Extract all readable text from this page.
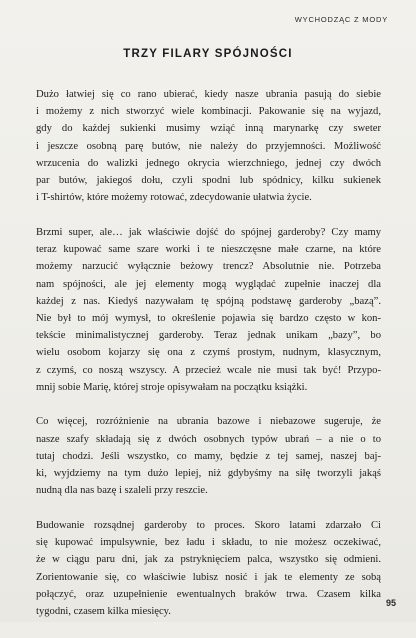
WYCHODZĄC Z MODY
TRZY FILARY SPÓJNOŚCI

Dużo łatwiej się co rano ubierać, kiedy nasze ubrania pasują do siebie
i możemy z nich stworzyć wiele kombinacji. Pakowanie się na wyjazd,
gdy do każdej sukienki musimy wziąć inną marynarkę czy sweter
i jeszcze osobną parę butów, nie należy do przyjemności. Możliwość
wrzucenia do walizki jednego okrycia wierzchniego, jednej czy dwóch
par butów, jakiegoś dołu, czyli spodni lub spódnicy, kilku sukienek
i T-shirtów, które możemy rotować, zdecydowanie ułatwia życie.

Brzmi super, ale… jak właściwie dojść do spójnej garderoby? Czy mamy
teraz kupować same szare worki i te nieszczęsne małe czarne, na które
możemy narzucić wyłącznie beżowy trencz? Absolutnie nie. Potrzeba
nam spójności, ale jej elementy mogą wyglądać zupełnie inaczej dla
każdej z nas. Kiedyś nazywałam tę spójną podstawę garderoby „bazą”.
Nie był to mój wymysł, to określenie pojawia się bardzo często w kon-
tekście minimalistycznej garderoby. Teraz jednak unikam „bazy”, bo
wielu osobom kojarzy się ona z czymś prostym, nudnym, klasycznym,
z czymś, co noszą wszyscy. A przecież wcale nie musi tak być! Przypo-
mnij sobie Marię, której stroje opisywałam na początku książki.

Co więcej, rozróżnienie na ubrania bazowe i niebazowe sugeruje, że
nasze szafy składają się z dwóch osobnych typów ubrań – a nie o to
tutaj chodzi. Jeśli wszystko, co mamy, będzie z tej samej, naszej baj-
ki, wyjdziemy na tym dużo lepiej, niż gdybyśmy na siłę tworzyli jakąś
nudną dla nas bazę i szaleli przy reszcie.

Budowanie rozsądnej garderoby to proces. Skoro latami zdarzało Ci
się kupować impulsywnie, bez ładu i składu, to nie możesz oczekiwać,
że w ciągu paru dni, jak za pstryknięciem palca, wszystko się odmieni.
Zorientowanie się, co właściwie lubisz nosić i jak te elementy ze sobą
połączyć, oraz uzupełnienie ewentualnych braków trwa. Czasem kilka
tygodni, czasem kilka miesięcy.

95
